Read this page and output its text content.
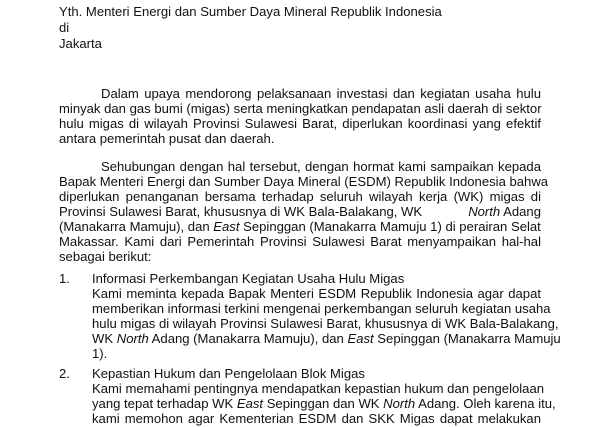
Yth. Menteri Energi dan Sumber Daya Mineral Republik Indonesia
di
Jakarta
Dalam upaya mendorong pelaksanaan investasi dan kegiatan usaha hulu
minyak dan gas bumi (migas) serta meningkatkan pendapatan asli daerah di sektor
hulu migas di wilayah Provinsi Sulawesi Barat, diperlukan koordinasi yang efektif
antara pemerintah pusat dan daerah.
Sehubungan dengan hal tersebut, dengan hormat kami sampaikan kepada
Bapak Menteri Energi dan Sumber Daya Mineral (ESDM) Republik Indonesia bahwa
diperlukan penanganan bersama terhadap seluruh wilayah kerja (WK) migas di
Provinsi Sulawesi Barat, khususnya di WK Bala-Balakang, WK	North Adang
(Manakarra Mamuju), dan East Sepinggan (Manakarra Mamuju 1) di perairan Selat
Makassar. Kami dari Pemerintah Provinsi Sulawesi Barat menyampaikan hal-hal
sebagai berikut:
1. Informasi Perkembangan Kegiatan Usaha Hulu Migas
Kami meminta kepada Bapak Menteri ESDM Republik Indonesia agar dapat
memberikan informasi terkini mengenai perkembangan seluruh kegiatan usaha
hulu migas di wilayah Provinsi Sulawesi Barat, khususnya di WK Bala-Balakang,
WK North Adang (Manakarra Mamuju), dan East Sepinggan (Manakarra Mamuju
1).
2. Kepastian Hukum dan Pengelolaan Blok Migas
Kami memahami pentingnya mendapatkan kepastian hukum dan pengelolaan
yang tepat terhadap WK East Sepinggan dan WK North Adang. Oleh karena itu,
kami memohon agar Kementerian ESDM dan SKK Migas dapat melakukan
